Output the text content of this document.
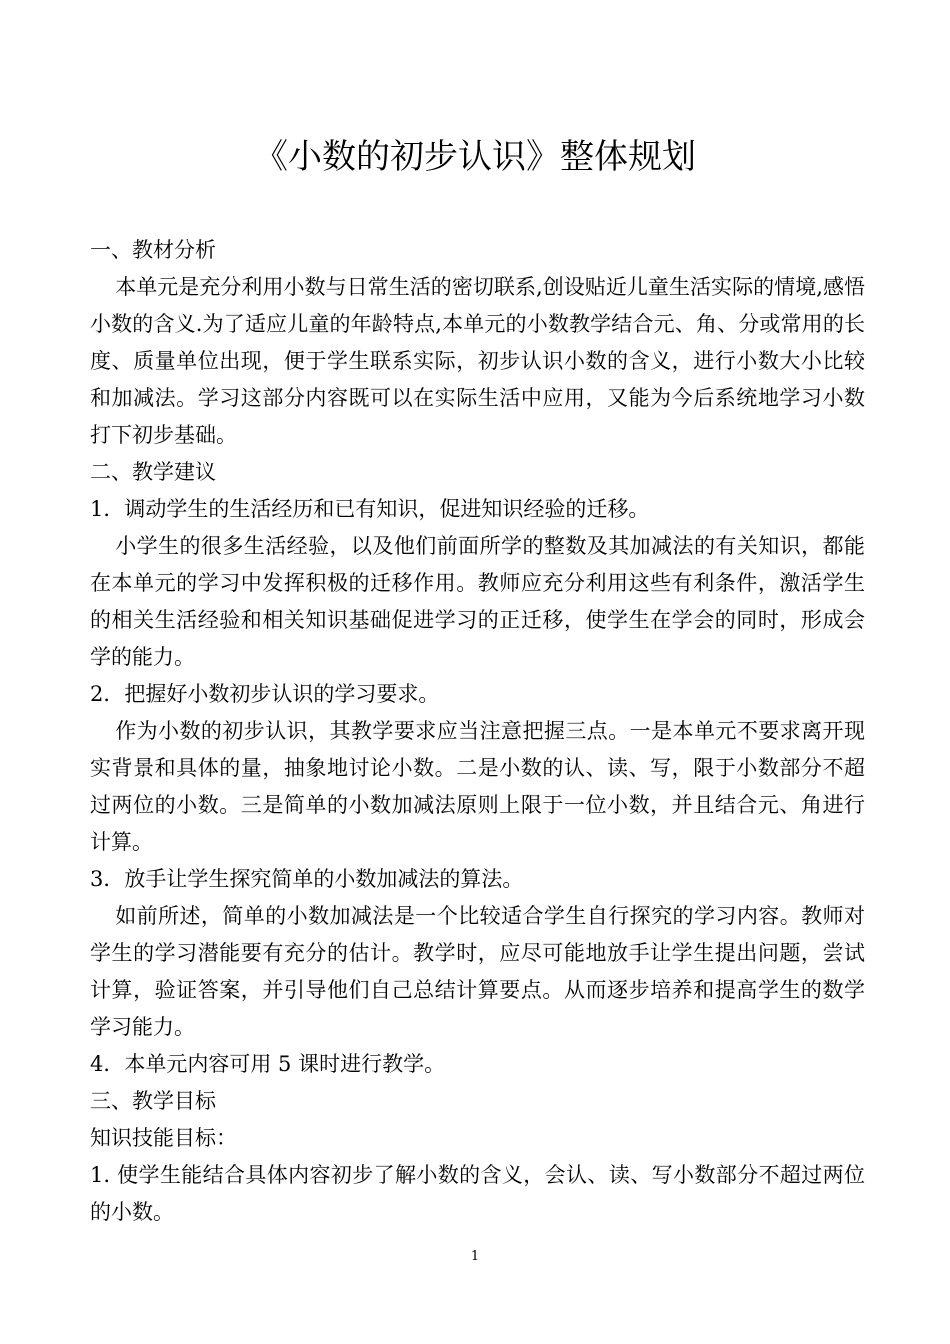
《小数的初步认识》整体规划

一、教材分析

本单元是充分利用小数与日常生活的密切联系,创设贴近儿童生活实际的情境,感悟小数的含义.为了适应儿童的年龄特点,本单元的小数教学结合元、角、分或常用的长度、质量单位出现，便于学生联系实际，初步认识小数的含义，进行小数大小比较和加减法。学习这部分内容既可以在实际生活中应用，又能为今后系统地学习小数打下初步基础。

二、教学建议

1．调动学生的生活经历和已有知识，促进知识经验的迁移。

小学生的很多生活经验，以及他们前面所学的整数及其加减法的有关知识，都能在本单元的学习中发挥积极的迁移作用。教师应充分利用这些有利条件，激活学生的相关生活经验和相关知识基础促进学习的正迁移，使学生在学会的同时，形成会学的能力。

2．把握好小数初步认识的学习要求。

作为小数的初步认识，其教学要求应当注意把握三点。一是本单元不要求离开现实背景和具体的量，抽象地讨论小数。二是小数的认、读、写，限于小数部分不超过两位的小数。三是简单的小数加减法原则上限于一位小数，并且结合元、角进行计算。

3．放手让学生探究简单的小数加减法的算法。

如前所述，简单的小数加减法是一个比较适合学生自行探究的学习内容。教师对学生的学习潜能要有充分的估计。教学时，应尽可能地放手让学生提出问题，尝试计算，验证答案，并引导他们自己总结计算要点。从而逐步培养和提高学生的数学学习能力。

4．本单元内容可用 5 课时进行教学。

三、教学目标

知识技能目标：

1. 使学生能结合具体内容初步了解小数的含义，会认、读、写小数部分不超过两位的小数。

1
